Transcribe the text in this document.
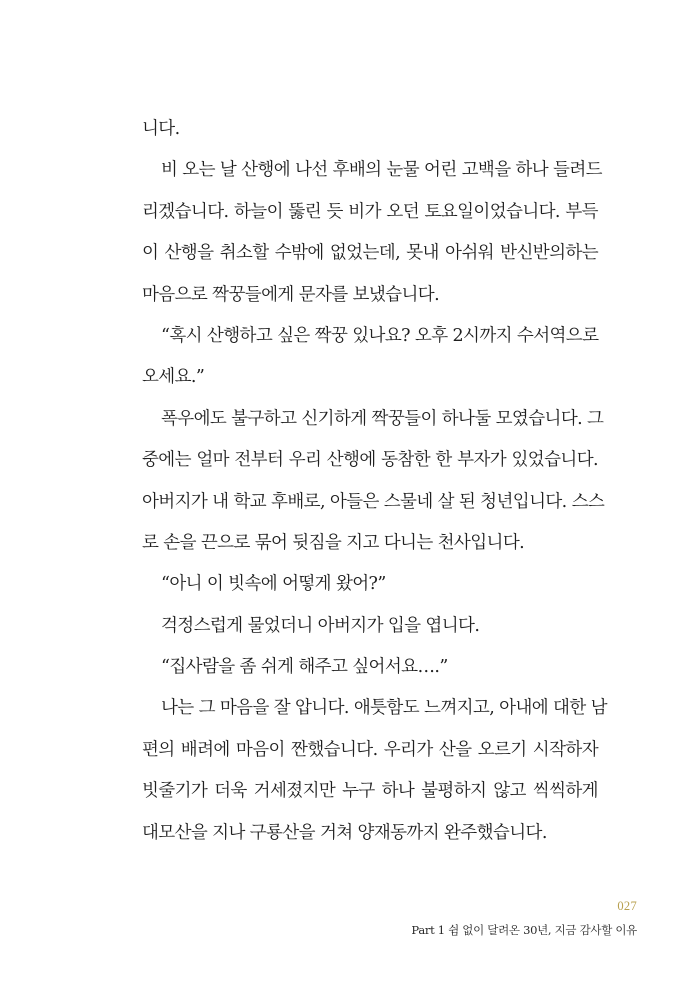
니다.
비 오는 날 산행에 나선 후배의 눈물 어린 고백을 하나 들려드
리겠습니다. 하늘이 뚫린 듯 비가 오던 토요일이었습니다. 부득
이 산행을 취소할 수밖에 없었는데, 못내 아쉬워 반신반의하는
마음으로 짝꿍들에게 문자를 보냈습니다.
“혹시 산행하고 싶은 짝꿍 있나요? 오후 2시까지 수서역으로
오세요.”
폭우에도 불구하고 신기하게 짝꿍들이 하나둘 모였습니다. 그
중에는 얼마 전부터 우리 산행에 동참한 한 부자가 있었습니다.
아버지가 내 학교 후배로, 아들은 스물네 살 된 청년입니다. 스스
로 손을 끈으로 묶어 뒷짐을 지고 다니는 천사입니다.
“아니 이 빗속에 어떻게 왔어?”
걱정스럽게 물었더니 아버지가 입을 엽니다.
“집사람을 좀 쉬게 해주고 싶어서요….”
나는 그 마음을 잘 압니다. 애틋함도 느껴지고, 아내에 대한 남
편의 배려에 마음이 짠했습니다. 우리가 산을 오르기 시작하자
빗줄기가 더욱 거세졌지만 누구 하나 불평하지 않고 씩씩하게
대모산을 지나 구룡산을 거쳐 양재동까지 완주했습니다.
027
Part 1 쉼 없이 달려온 30년, 지금 감사할 이유
